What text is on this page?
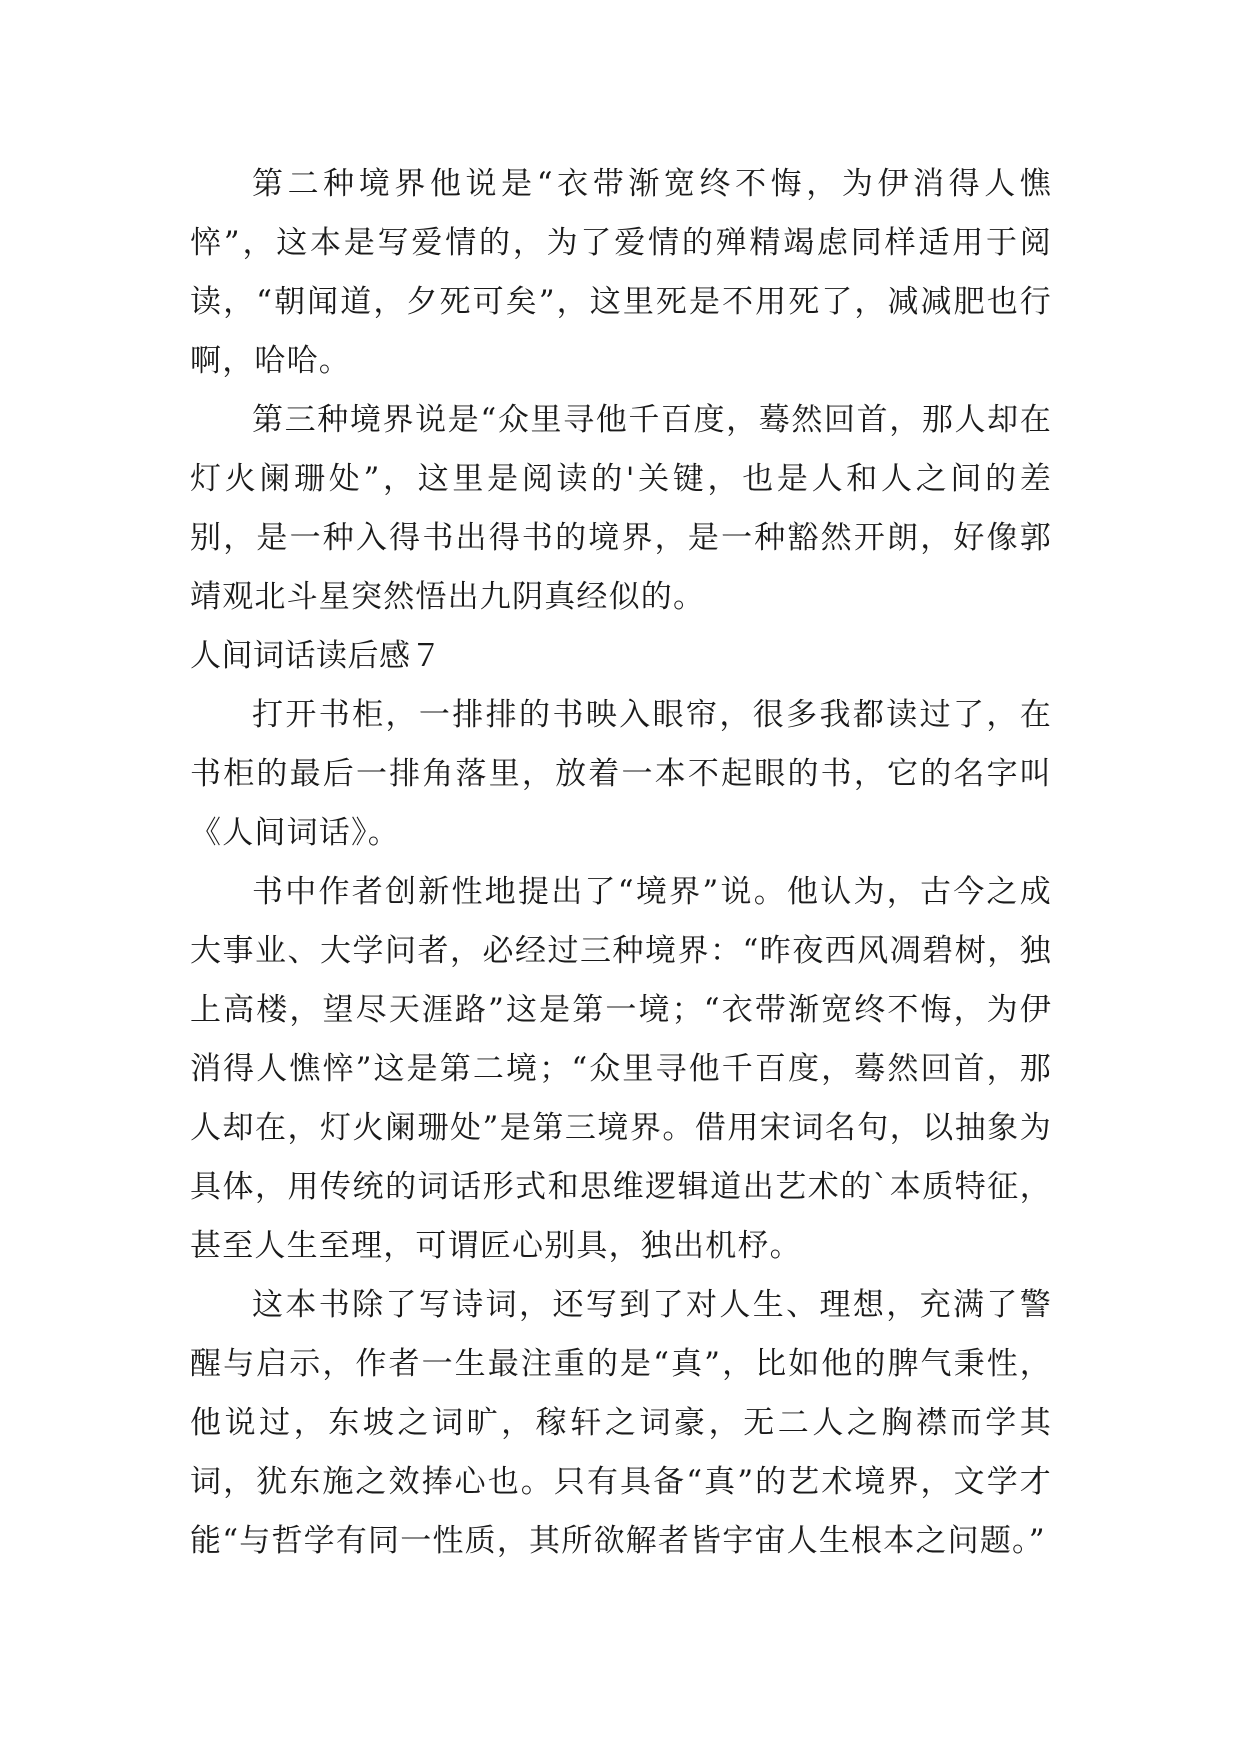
第二种境界他说是“衣带渐宽终不悔，为伊消得人憔悴”，这本是写爱情的，为了爱情的殚精竭虑同样适用于阅读，“朝闻道，夕死可矣”，这里死是不用死了，减减肥也行啊，哈哈。

第三种境界说是“众里寻他千百度，蓦然回首，那人却在灯火阑珊处”，这里是阅读的'关键，也是人和人之间的差别，是一种入得书出得书的境界，是一种豁然开朗，好像郭靖观北斗星突然悟出九阴真经似的。

人间词话读后感７

打开书柜，一排排的书映入眼帘，很多我都读过了，在书柜的最后一排角落里，放着一本不起眼的书，它的名字叫《人间词话》。

书中作者创新性地提出了“境界”说。他认为，古今之成大事业、大学问者，必经过三种境界：“昨夜西风凋碧树，独上高楼，望尽天涯路”这是第一境；“衣带渐宽终不悔，为伊消得人憔悴”这是第二境；“众里寻他千百度，蓦然回首，那人却在，灯火阑珊处”是第三境界。借用宋词名句，以抽象为具体，用传统的词话形式和思维逻辑道出艺术的`本质特征，甚至人生至理，可谓匠心别具，独出机杼。

这本书除了写诗词，还写到了对人生、理想，充满了警醒与启示，作者一生最注重的是“真”，比如他的脾气秉性，他说过，东坡之词旷，稼轩之词豪，无二人之胸襟而学其词，犹东施之效捧心也。只有具备“真”的艺术境界，文学才能“与哲学有同一性质，其所欲解者皆宇宙人生根本之问题。”
